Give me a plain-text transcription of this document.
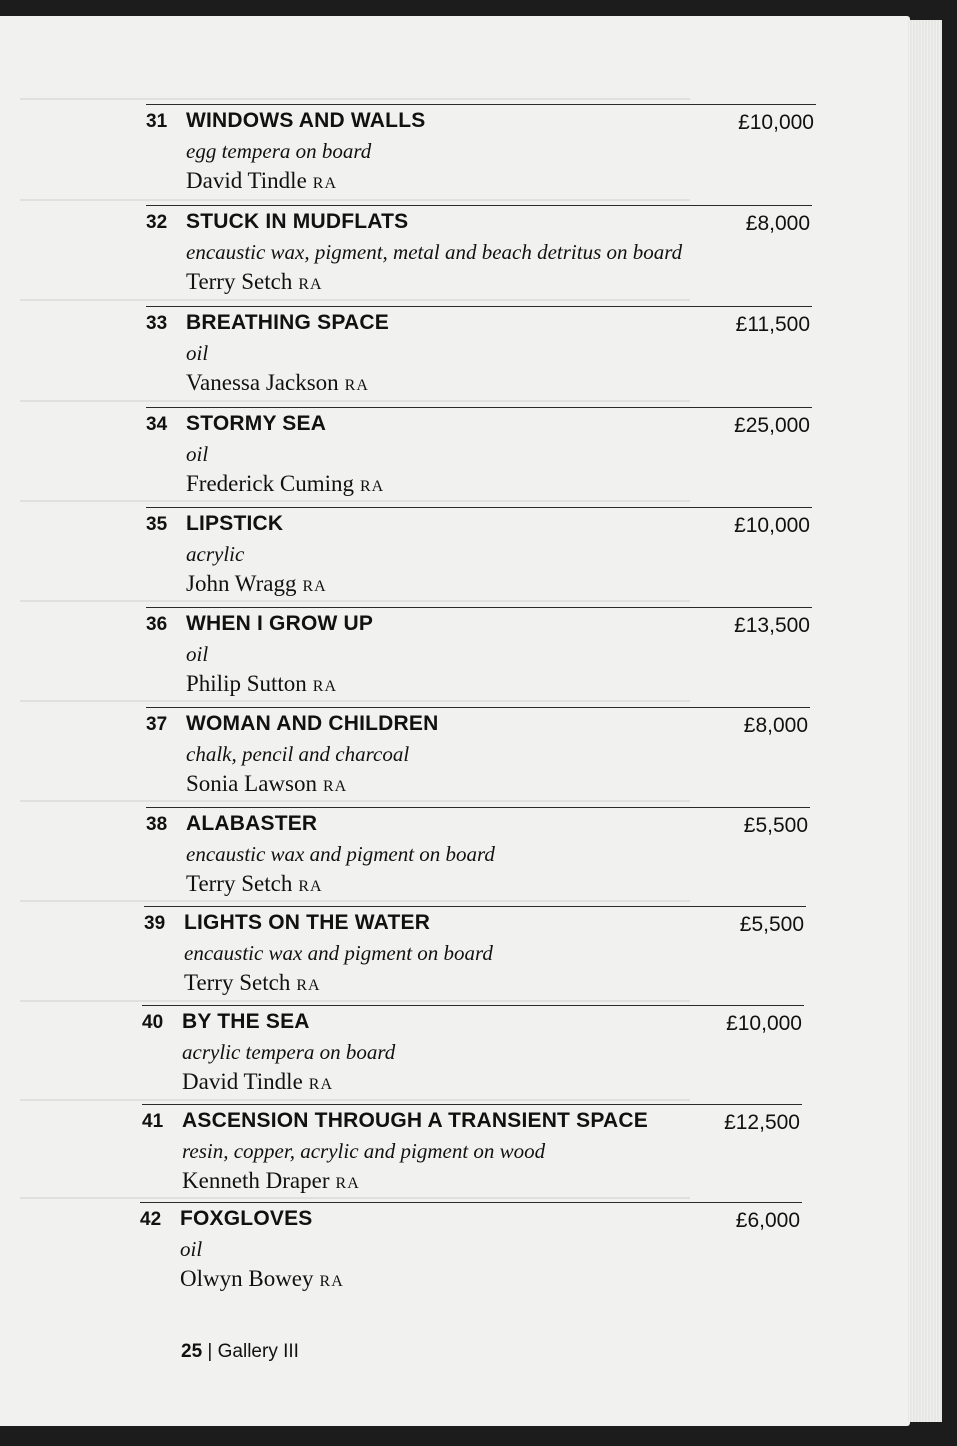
31 WINDOWS AND WALLS	£10,000
egg tempera on board
David Tindle RA
32 STUCK IN MUDFLATS	£8,000
encaustic wax, pigment, metal and beach detritus on board
Terry Setch RA
33 BREATHING SPACE	£11,500
oil
Vanessa Jackson RA
34 STORMY SEA	£25,000
oil
Frederick Cuming RA
35 LIPSTICK	£10,000
acrylic
John Wragg RA
36 WHEN I GROW UP	£13,500
oil
Philip Sutton RA
37 WOMAN AND CHILDREN	£8,000
chalk, pencil and charcoal
Sonia Lawson RA
38 ALABASTER	£5,500
encaustic wax and pigment on board
Terry Setch RA
39 LIGHTS ON THE WATER	£5,500
encaustic wax and pigment on board
Terry Setch RA
40 BY THE SEA	£10,000
acrylic tempera on board
David Tindle RA
41 ASCENSION THROUGH A TRANSIENT SPACE	£12,500
resin, copper, acrylic and pigment on wood
Kenneth Draper RA
42 FOXGLOVES	£6,000
oil
Olwyn Bowey RA
25 | Gallery III
